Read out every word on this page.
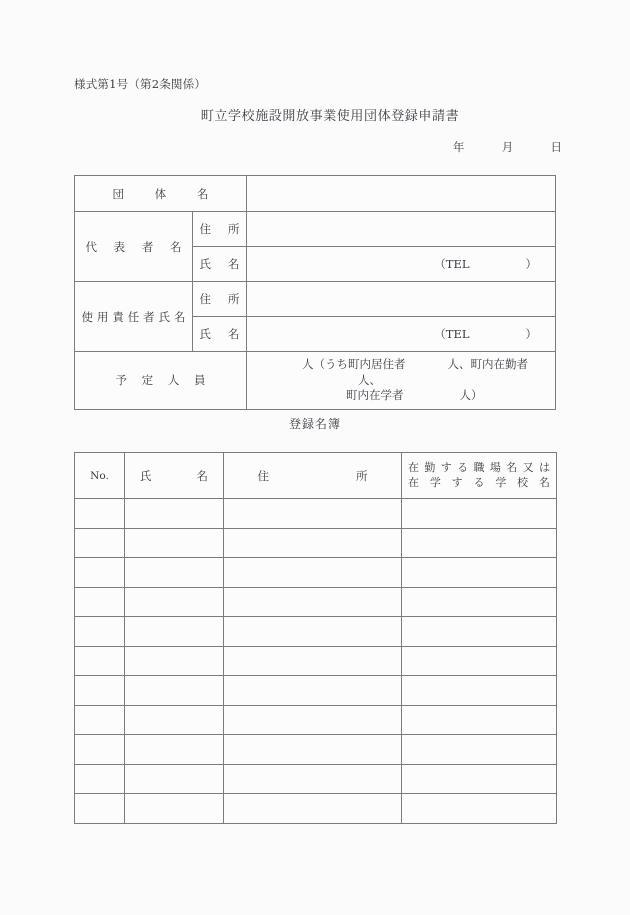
様式第1号（第2条関係）
町立学校施設開放事業使用団体登録申請書
年	月	日
団体名		
代表者名	住所	
	氏名	（TEL ）

使用責任者氏名	住所	
	氏名	（TEL ）

予定人員		人（うち町内居住者 人、町内在勤者人、
町内在学者 人）
登録名簿
No.	氏名	住所	在勤する職場名又は
在学する学校名
